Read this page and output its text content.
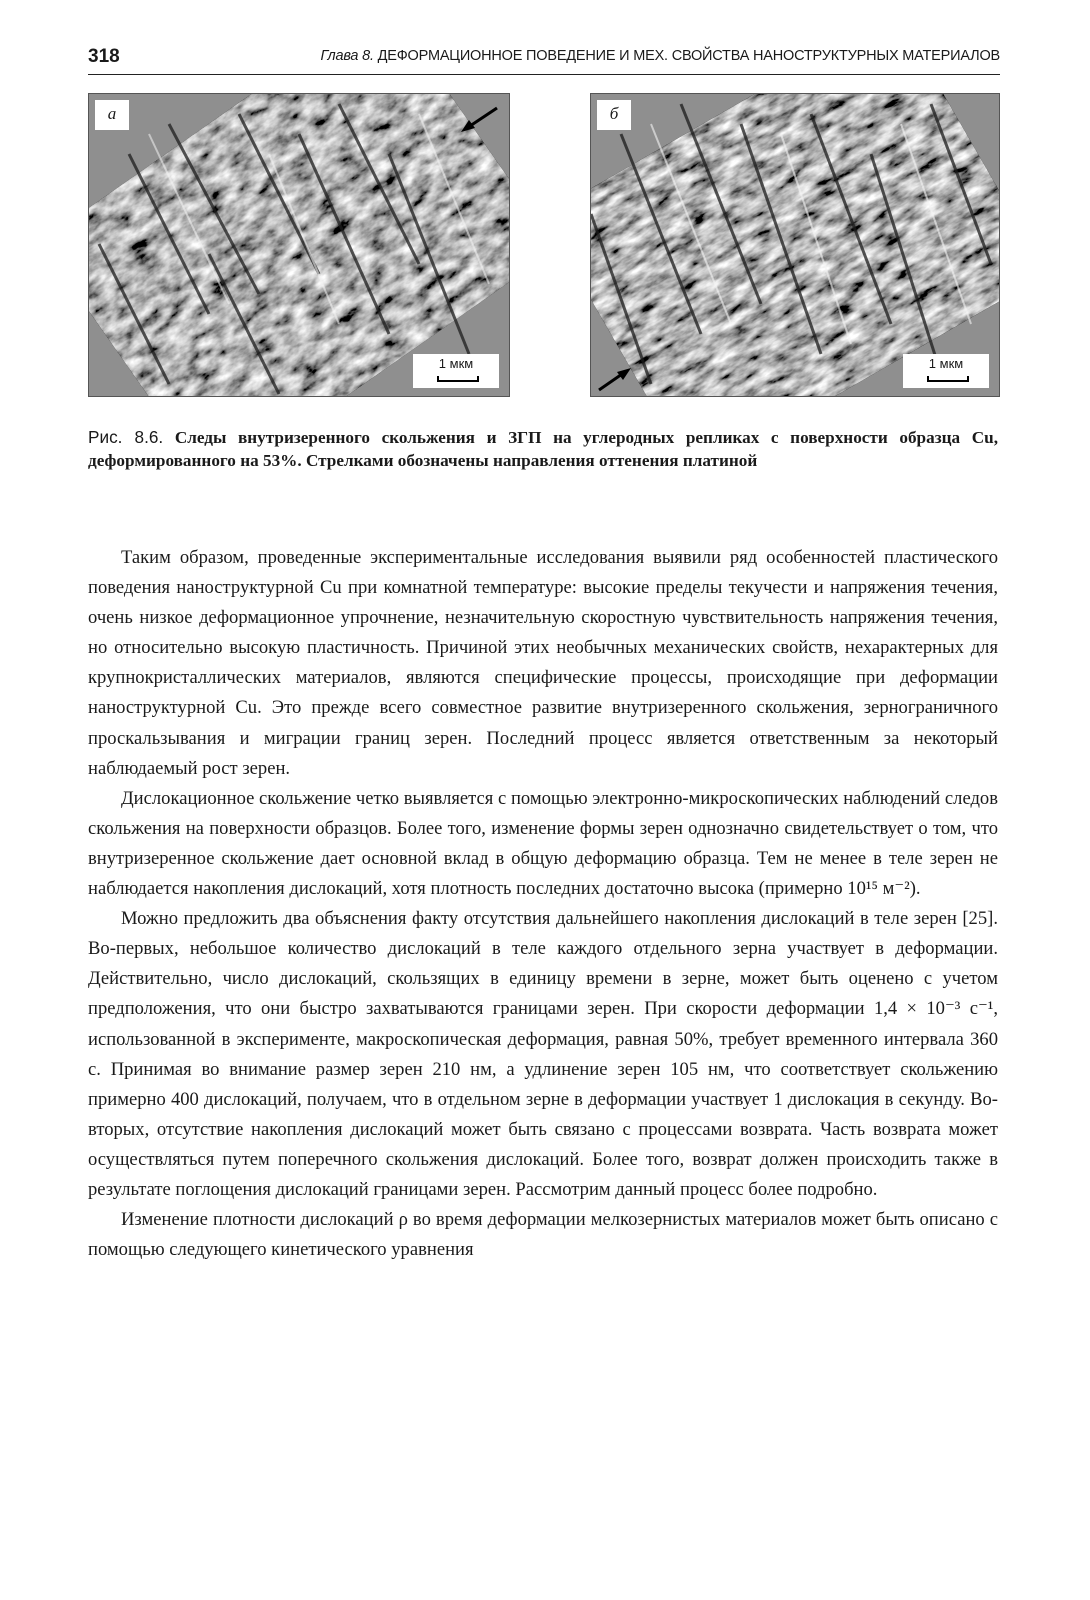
318	Глава 8. ДЕФОРМАЦИОННОЕ ПОВЕДЕНИЕ И МЕХ. СВОЙСТВА НАНОСТРУКТУРНЫХ МАТЕРИАЛОВ
а
1 мкм
б
1 мкм
Рис. 8.6. Следы внутризеренного скольжения и ЗГП на углеродных репликах с поверхности образца Cu, деформированного на 53%. Стрелками обозначены направления оттенения платиной

Таким образом, проведенные экспериментальные исследования выявили ряд особенностей пластического поведения наноструктурной Cu при комнатной температуре: высокие пределы текучести и напряжения течения, очень низкое деформационное упрочнение, незначительную скоростную чувствительность напряжения течения, но относительно высокую пластичность. Причиной этих необычных механических свойств, нехарактерных для крупнокристаллических материалов, являются специфические процессы, происходящие при деформации наноструктурной Cu. Это прежде всего совместное развитие внутризеренного скольжения, зернограничного проскальзывания и миграции границ зерен. Последний процесс является ответственным за некоторый наблюдаемый рост зерен.

Дислокационное скольжение четко выявляется с помощью электронно-микроскопических наблюдений следов скольжения на поверхности образцов. Более того, изменение формы зерен однозначно свидетельствует о том, что внутризеренное скольжение дает основной вклад в общую деформацию образца. Тем не менее в теле зерен не наблюдается накопления дислокаций, хотя плотность последних достаточно высока (примерно 10¹⁵ м⁻²).

Можно предложить два объяснения факту отсутствия дальнейшего накопления дислокаций в теле зерен [25]. Во-первых, небольшое количество дислокаций в теле каждого отдельного зерна участвует в деформации. Действительно, число дислокаций, скользящих в единицу времени в зерне, может быть оценено с учетом предположения, что они быстро захватываются границами зерен. При скорости деформации 1,4 × 10⁻³ с⁻¹, использованной в эксперименте, макроскопическая деформация, равная 50%, требует временного интервала 360 с. Принимая во внимание размер зерен 210 нм, а удлинение зерен 105 нм, что соответствует скольжению примерно 400 дислокаций, получаем, что в отдельном зерне в деформации участвует 1 дислокация в секунду. Во-вторых, отсутствие накопления дислокаций может быть связано с процессами возврата. Часть возврата может осуществляться путем поперечного скольжения дислокаций. Более того, возврат должен происходить также в результате поглощения дислокаций границами зерен. Рассмотрим данный процесс более подробно.

Изменение плотности дислокаций ρ во время деформации мелкозернистых материалов может быть описано с помощью следующего кинетического уравнения
